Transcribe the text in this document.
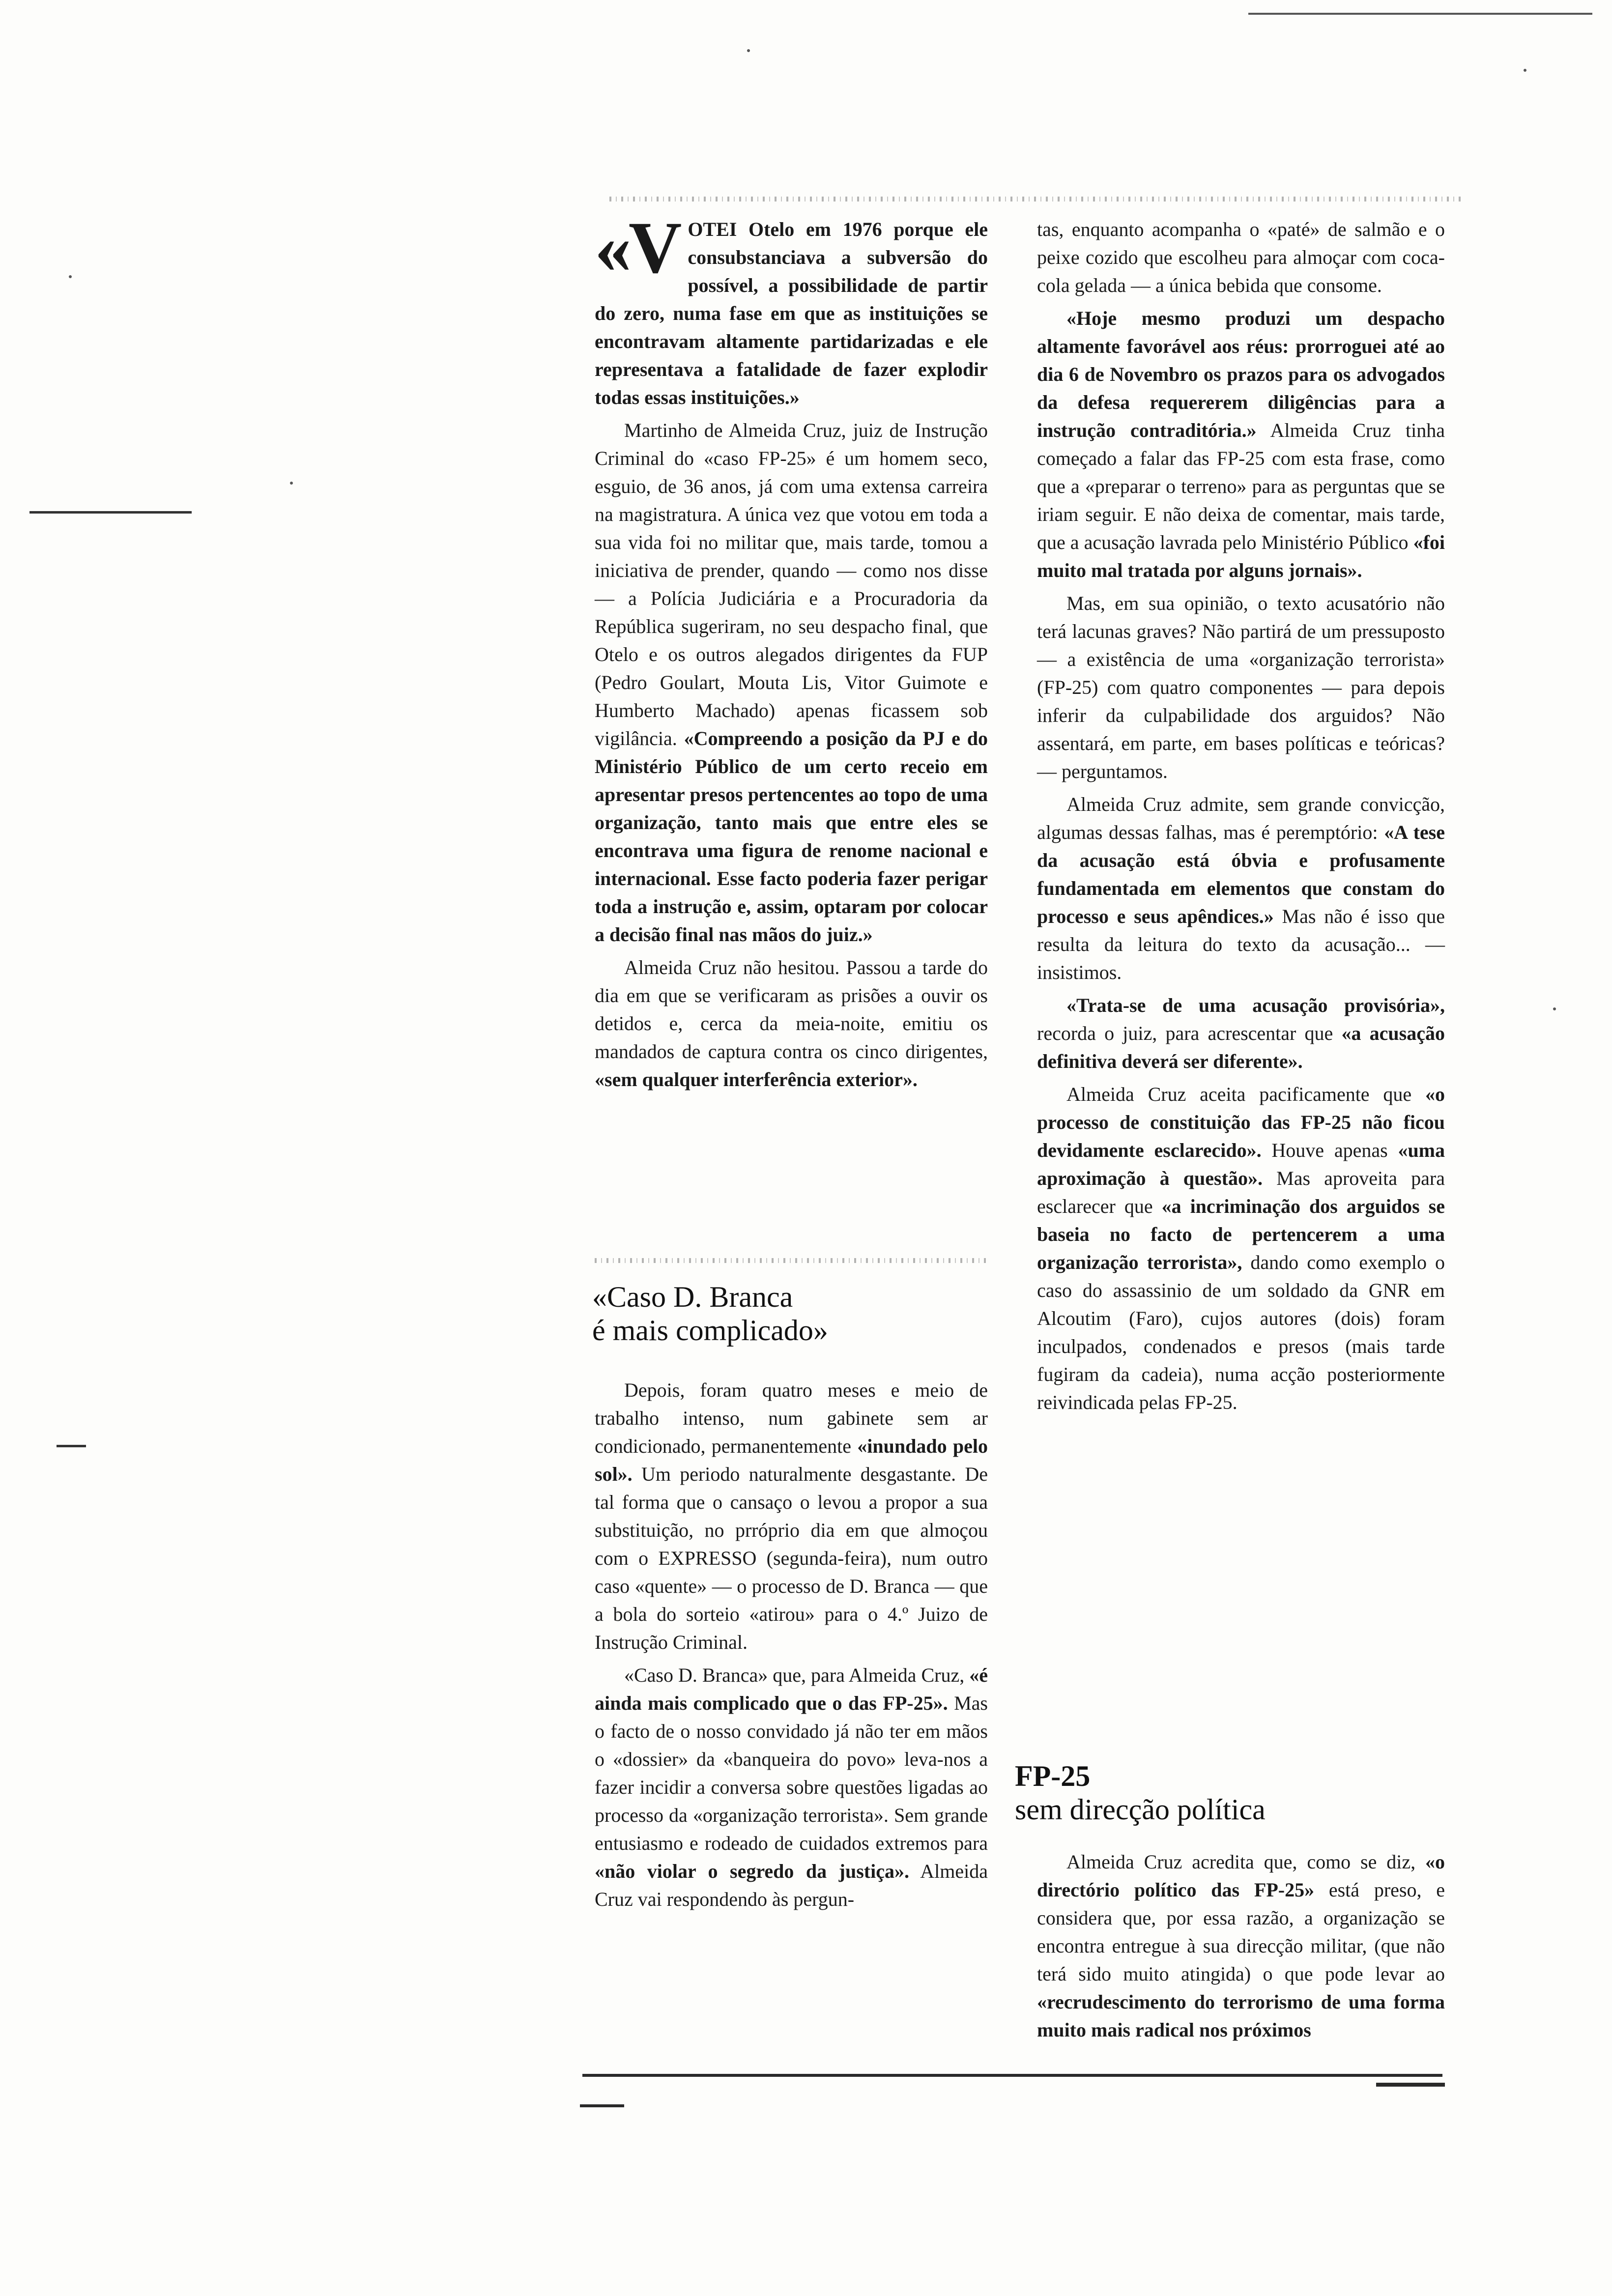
«V OTEI Otelo em 1976 porque ele consubstanciava a subversão do possível, a possibilidade de partir do zero, numa fase em que as instituições se encontravam altamente partidarizadas e ele representava a fatalidade de fazer explodir todas essas instituições.»

Martinho de Almeida Cruz, juiz de Instrução Criminal do «caso FP-25» é um homem seco, esguio, de 36 anos, já com uma extensa carreira na magistratura. A única vez que votou em toda a sua vida foi no militar que, mais tarde, tomou a iniciativa de prender, quando — como nos disse — a Polícia Judiciária e a Procuradoria da República sugeriram, no seu despacho final, que Otelo e os outros alegados dirigentes da FUP (Pedro Goulart, Mouta Lis, Vitor Guimote e Humberto Machado) apenas ficassem sob vigilância. «Compreendo a posição da PJ e do Ministério Público de um certo receio em apresentar presos pertencentes ao topo de uma organização, tanto mais que entre eles se encontrava uma figura de renome nacional e internacional. Esse facto poderia fazer perigar toda a instrução e, assim, optaram por colocar a decisão final nas mãos do juiz.»

Almeida Cruz não hesitou. Passou a tarde do dia em que se verificaram as prisões a ouvir os detidos e, cerca da meia-noite, emitiu os mandados de captura contra os cinco dirigentes, «sem qualquer interferência exterior».

«Caso D. Branca
é mais complicado»

Depois, foram quatro meses e meio de trabalho intenso, num gabinete sem ar condicionado, permanentemente «inundado pelo sol». Um periodo naturalmente desgastante. De tal forma que o cansaço o levou a propor a sua substituição, no prróprio dia em que almoçou com o EXPRESSO (segunda-feira), num outro caso «quente» — o processo de D. Branca — que a bola do sorteio «atirou» para o 4.º Juizo de Instrução Criminal.

«Caso D. Branca» que, para Almeida Cruz, «é ainda mais complicado que o das FP-25». Mas o facto de o nosso convidado já não ter em mãos o «dossier» da «banqueira do povo» leva-nos a fazer incidir a conversa sobre questões ligadas ao processo da «organização terrorista». Sem grande entusiasmo e rodeado de cuidados extremos para «não violar o segredo da justiça». Almeida Cruz vai respondendo às pergun-

tas, enquanto acompanha o «paté» de salmão e o peixe cozido que escolheu para almoçar com coca-cola gelada — a única bebida que consome.

«Hoje mesmo produzi um despacho altamente favorável aos réus: prorroguei até ao dia 6 de Novembro os prazos para os advogados da defesa requererem diligências para a instrução contraditória.» Almeida Cruz tinha começado a falar das FP-25 com esta frase, como que a «preparar o terreno» para as perguntas que se iriam seguir. E não deixa de comentar, mais tarde, que a acusação lavrada pelo Ministério Público «foi muito mal tratada por alguns jornais».

Mas, em sua opinião, o texto acusatório não terá lacunas graves? Não partirá de um pressuposto — a existência de uma «organização terrorista» (FP-25) com quatro componentes — para depois inferir da culpabilidade dos arguidos? Não assentará, em parte, em bases políticas e teóricas? — perguntamos.

Almeida Cruz admite, sem grande convicção, algumas dessas falhas, mas é peremptório: «A tese da acusação está óbvia e profusamente fundamentada em elementos que constam do processo e seus apêndices.» Mas não é isso que resulta da leitura do texto da acusação... — insistimos.

«Trata-se de uma acusação provisória», recorda o juiz, para acrescentar que «a acusação definitiva deverá ser diferente».

Almeida Cruz aceita pacificamente que «o processo de constituição das FP-25 não ficou devidamente esclarecido». Houve apenas «uma aproximação à questão». Mas aproveita para esclarecer que «a incriminação dos arguidos se baseia no facto de pertencerem a uma organização terrorista», dando como exemplo o caso do assassinio de um soldado da GNR em Alcoutim (Faro), cujos autores (dois) foram inculpados, condenados e presos (mais tarde fugiram da cadeia), numa acção posteriormente reivindicada pelas FP-25.

FP-25
sem direcção política

Almeida Cruz acredita que, como se diz, «o directório político das FP-25» está preso, e considera que, por essa razão, a organização se encontra entregue à sua direcção militar, (que não terá sido muito atingida) o que pode levar ao «recrudescimento do terrorismo de uma forma muito mais radical nos próximos
